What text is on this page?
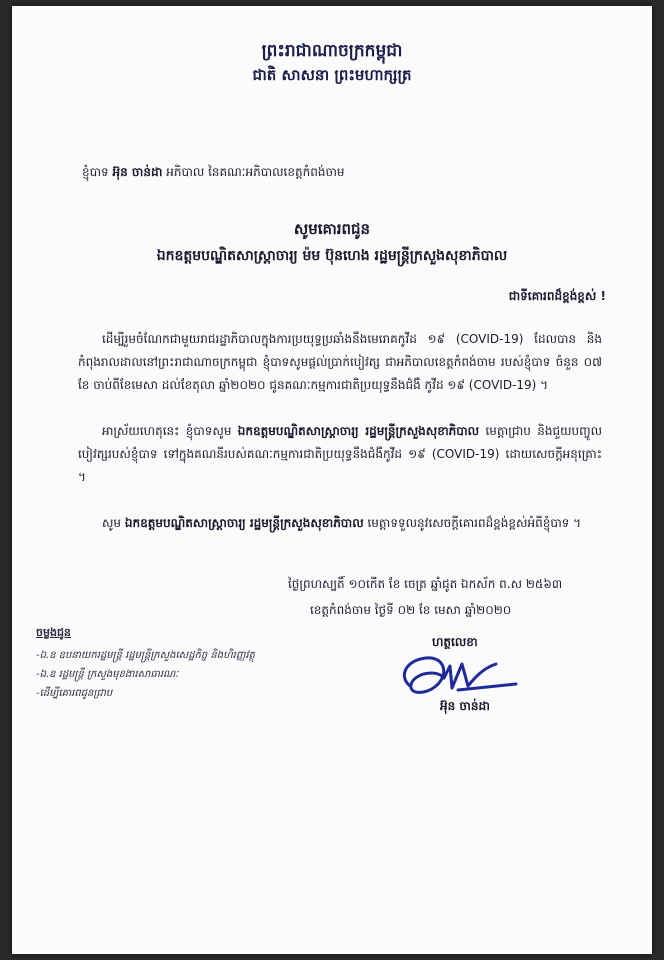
ព្រះរាជាណាចក្រកម្ពុជា
ជាតិ សាសនា ព្រះមហាក្សត្រ
ខ្ញុំបាទ អ៊ុន ចាន់ដា អភិបាល នៃគណៈអភិបាលខេត្តកំពង់ចាម
សូមគោរពជូន
ឯកឧត្តមបណ្ឌិតសាស្ត្រាចារ្យ ម៉ម ប៊ុនហេង រដ្ឋមន្ត្រីក្រសួងសុខាភិបាល
ជាទីគោរពដ៏ខ្ពង់ខ្ពស់ !
ដើម្បីរួមចំណែកជាមួយរាជរដ្ឋាភិបាលក្នុងការប្រយុទ្ធប្រឆាំងនឹងមេរោគកូវីដ ១៩ (COVID-19) ដែលបាន និងកំពុងរាលដាលនៅព្រះរាជាណាចក្រកម្ពុជា ខ្ញុំបាទសូមផ្តល់ប្រាក់បៀវត្ស ជាអភិបាលខេត្តកំពង់ចាម របស់ខ្ញុំបាទ ចំនួន ០៧ ខែ ចាប់ពីខែមេសា ដល់ខែតុលា ឆ្នាំ២០២០ ជូនគណៈកម្មការជាតិប្រយុទ្ធនឹងជំងឺ កូវីដ ១៩ (COVID-19) ។
អាស្រ័យហេតុនេះ ខ្ញុំបាទសូម ឯកឧត្តមបណ្ឌិតសាស្ត្រាចារ្យ រដ្ឋមន្ត្រីក្រសួងសុខាភិបាល មេត្តាជ្រាប និងជួយបញ្ចូលបៀវត្សរបស់ខ្ញុំបាទ ទៅក្នុងគណនីរបស់គណៈកម្មការជាតិប្រយុទ្ធនឹងជំងឺកូវីដ ១៩ (COVID-19) ដោយសេចក្តីអនុគ្រោះ ។
សូម ឯកឧត្តមបណ្ឌិតសាស្ត្រាចារ្យ រដ្ឋមន្ត្រីក្រសួងសុខាភិបាល មេត្តាទទួលនូវសេចក្តីគោរពដ៏ខ្ពង់ខ្ពស់អំពីខ្ញុំបាទ ។
ថ្ងៃព្រហស្បតិ៍ ១០កើត ខែ ចេត្រ ឆ្នាំជូត ឯកស័ក ព.ស ២៥៦៣
ខេត្តកំពង់ចាម ថ្ងៃទី ០២ ខែ មេសា ឆ្នាំ២០២០
ចម្លងជូន
-ឯ.ឧ ឧបនាយករដ្ឋមន្ត្រី រដ្ឋមន្ត្រីក្រសួងសេដ្ឋកិច្ច និងហិរញ្ញវត្ថុ
-ឯ.ឧ រដ្ឋមន្ត្រី ក្រសួងមុខងារសាធារណៈ
-ដើម្បីគោរពជូនជ្រាប
ហត្ថលេខា
អ៊ុន ចាន់ដា
